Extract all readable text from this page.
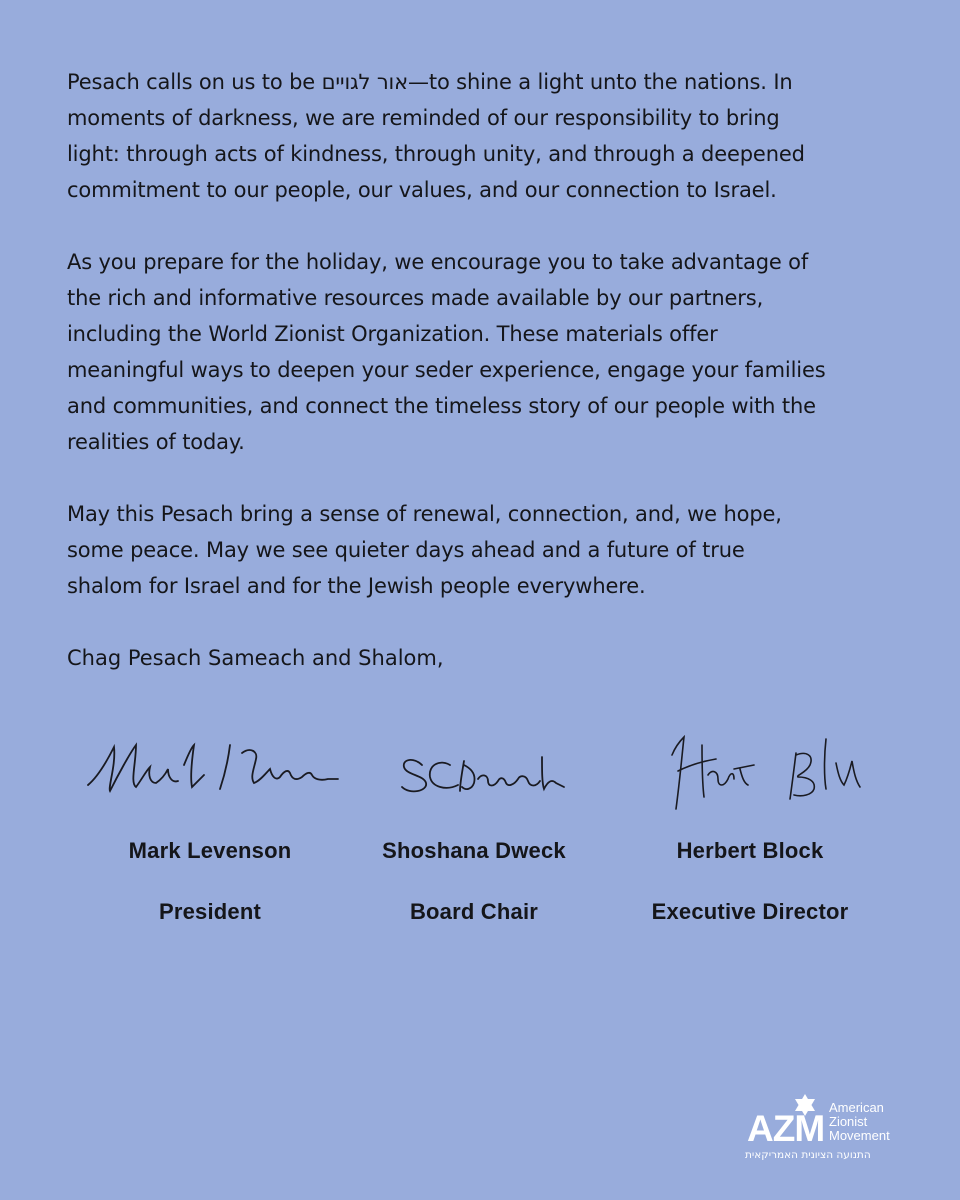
Pesach calls on us to be אור לגויים—to shine a light unto the nations. In
moments of darkness, we are reminded of our responsibility to bring
light: through acts of kindness, through unity, and through a deepened
commitment to our people, our values, and our connection to Israel.

As you prepare for the holiday, we encourage you to take advantage of
the rich and informative resources made available by our partners,
including the World Zionist Organization. These materials offer
meaningful ways to deepen your seder experience, engage your families
and communities, and connect the timeless story of our people with the
realities of today.

May this Pesach bring a sense of renewal, connection, and, we hope,
some peace. May we see quieter days ahead and a future of true
shalom for Israel and for the Jewish people everywhere.

Chag Pesach Sameach and Shalom,

Mark Levenson
President
Shoshana Dweck
Board Chair
Herbert Block
Executive Director
AZM
American
Zionist
Movement
התנועה הציונית האמריקאית
